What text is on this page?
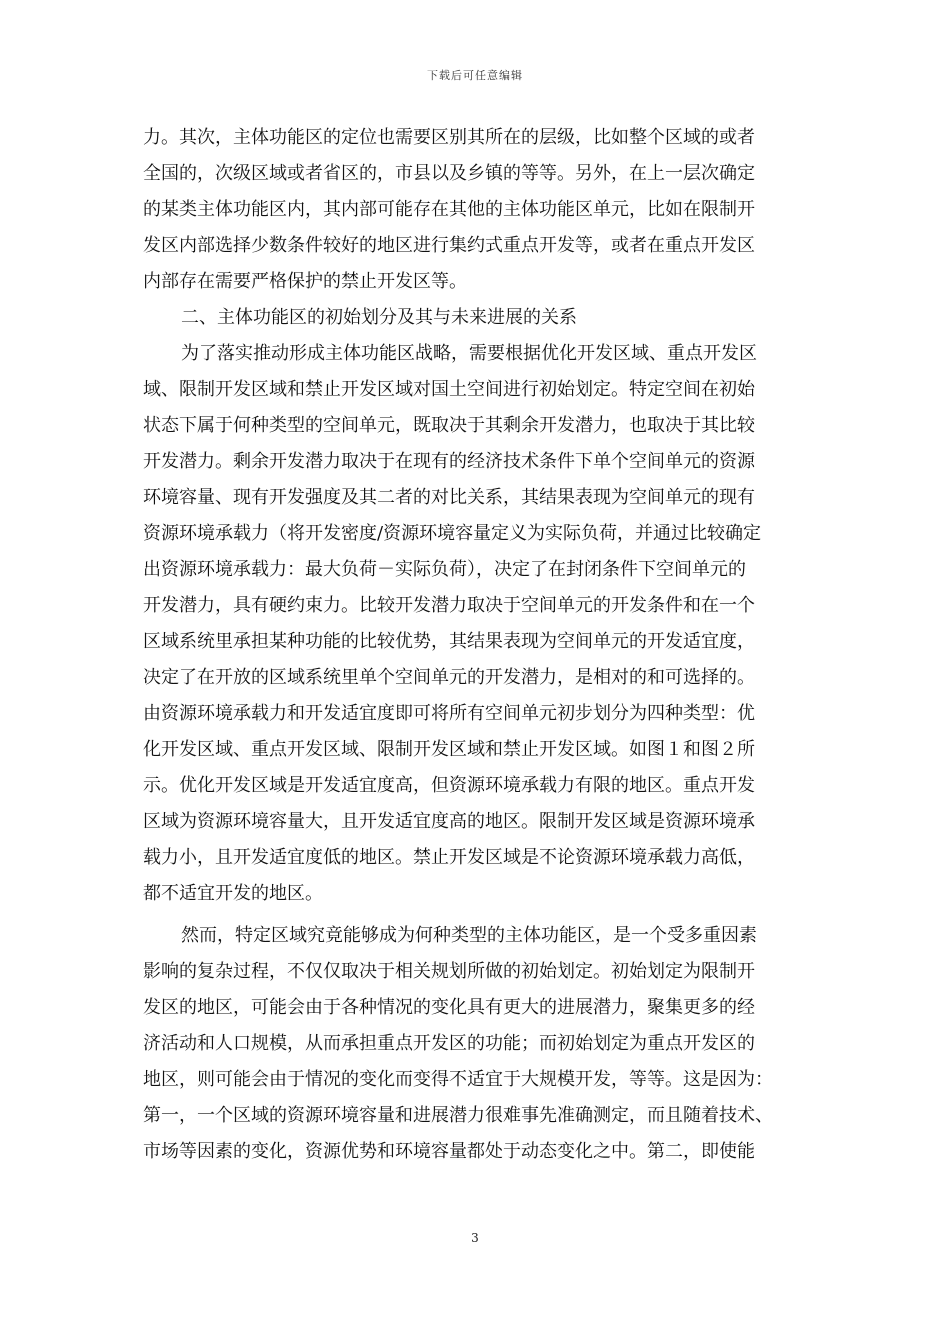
下载后可任意编辑
力。其次，主体功能区的定位也需要区别其所在的层级，比如整个区域的或者
全国的，次级区域或者省区的，市县以及乡镇的等等。另外，在上一层次确定
的某类主体功能区内，其内部可能存在其他的主体功能区单元，比如在限制开
发区内部选择少数条件较好的地区进行集约式重点开发等，或者在重点开发区
内部存在需要严格保护的禁止开发区等。
二、主体功能区的初始划分及其与未来进展的关系
为了落实推动形成主体功能区战略，需要根据优化开发区域、重点开发区
域、限制开发区域和禁止开发区域对国土空间进行初始划定。特定空间在初始
状态下属于何种类型的空间单元，既取决于其剩余开发潜力，也取决于其比较
开发潜力。剩余开发潜力取决于在现有的经济技术条件下单个空间单元的资源
环境容量、现有开发强度及其二者的对比关系，其结果表现为空间单元的现有
资源环境承载力（将开发密度/资源环境容量定义为实际负荷，并通过比较确定
出资源环境承载力：最大负荷－实际负荷），决定了在封闭条件下空间单元的
开发潜力，具有硬约束力。比较开发潜力取决于空间单元的开发条件和在一个
区域系统里承担某种功能的比较优势，其结果表现为空间单元的开发适宜度，
决定了在开放的区域系统里单个空间单元的开发潜力，是相对的和可选择的。
由资源环境承载力和开发适宜度即可将所有空间单元初步划分为四种类型：优
化开发区域、重点开发区域、限制开发区域和禁止开发区域。如图１和图２所
示。优化开发区域是开发适宜度高，但资源环境承载力有限的地区。重点开发
区域为资源环境容量大，且开发适宜度高的地区。限制开发区域是资源环境承
载力小，且开发适宜度低的地区。禁止开发区域是不论资源环境承载力高低，
都不适宜开发的地区。
然而，特定区域究竟能够成为何种类型的主体功能区，是一个受多重因素
影响的复杂过程，不仅仅取决于相关规划所做的初始划定。初始划定为限制开
发区的地区，可能会由于各种情况的变化具有更大的进展潜力，聚集更多的经
济活动和人口规模，从而承担重点开发区的功能；而初始划定为重点开发区的
地区，则可能会由于情况的变化而变得不适宜于大规模开发，等等。这是因为：
第一，一个区域的资源环境容量和进展潜力很难事先准确测定，而且随着技术、
市场等因素的变化，资源优势和环境容量都处于动态变化之中。第二，即使能
3
